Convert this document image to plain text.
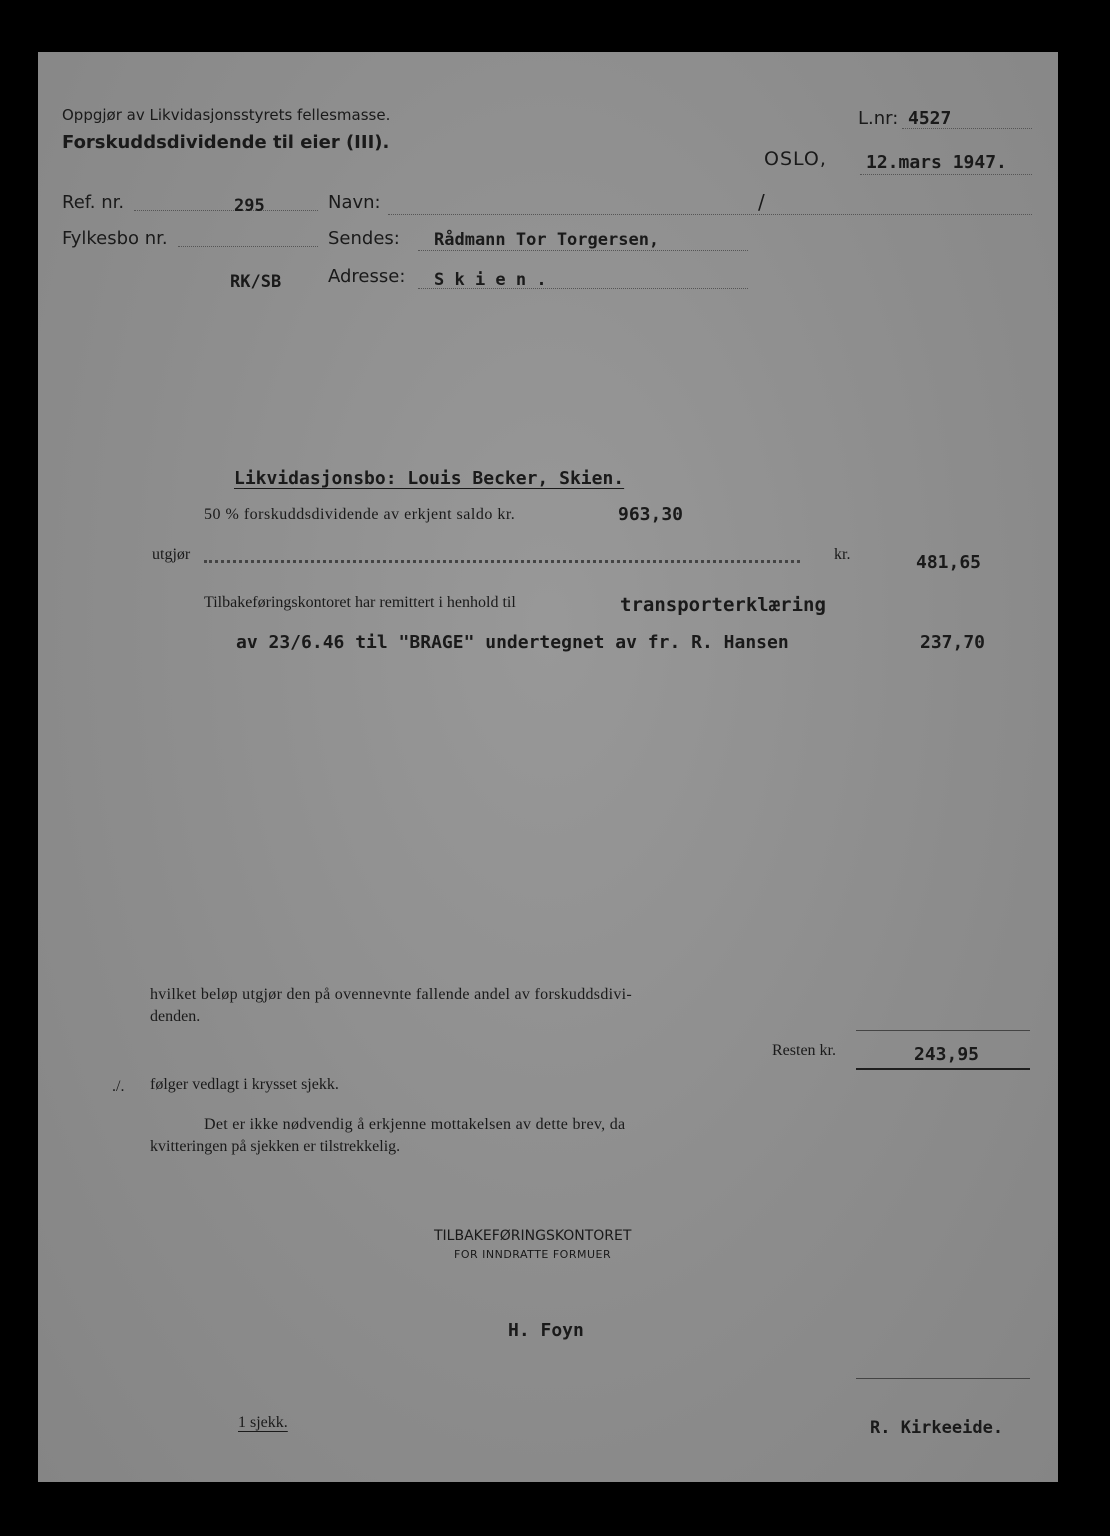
Oppgjør av Likvidasjonsstyrets fellesmasse.
Forskuddsdividende til eier (III).
L.nr: 4527
OSLO, 12.mars 1947.
Ref. nr.	295
Fylkesbo nr.
RK/SB
Navn:	/
Sendes: Rådmann Tor Torgersen,
Adresse: S k i e n .
Likvidasjonsbo: Louis Becker, Skien.
50 % forskuddsdividende av erkjent saldo kr.	963,30
utgjør	kr.	481,65
Tilbakeføringskontoret har remittert i henhold til	transporterklæring
av 23/6.46 til "BRAGE" undertegnet av fr. R. Hansen	237,70
hvilket beløp utgjør den på ovennevnte fallende andel av forskuddsdivi-
denden.
Resten kr.	243,95
./. følger vedlagt i krysset sjekk.
Det er ikke nødvendig å erkjenne mottakelsen av dette brev, da
kvitteringen på sjekken er tilstrekkelig.
TILBAKEFØRINGSKONTORET
FOR INNDRATTE FORMUER
H. Foyn
1 sjekk.	R. Kirkeeide.
